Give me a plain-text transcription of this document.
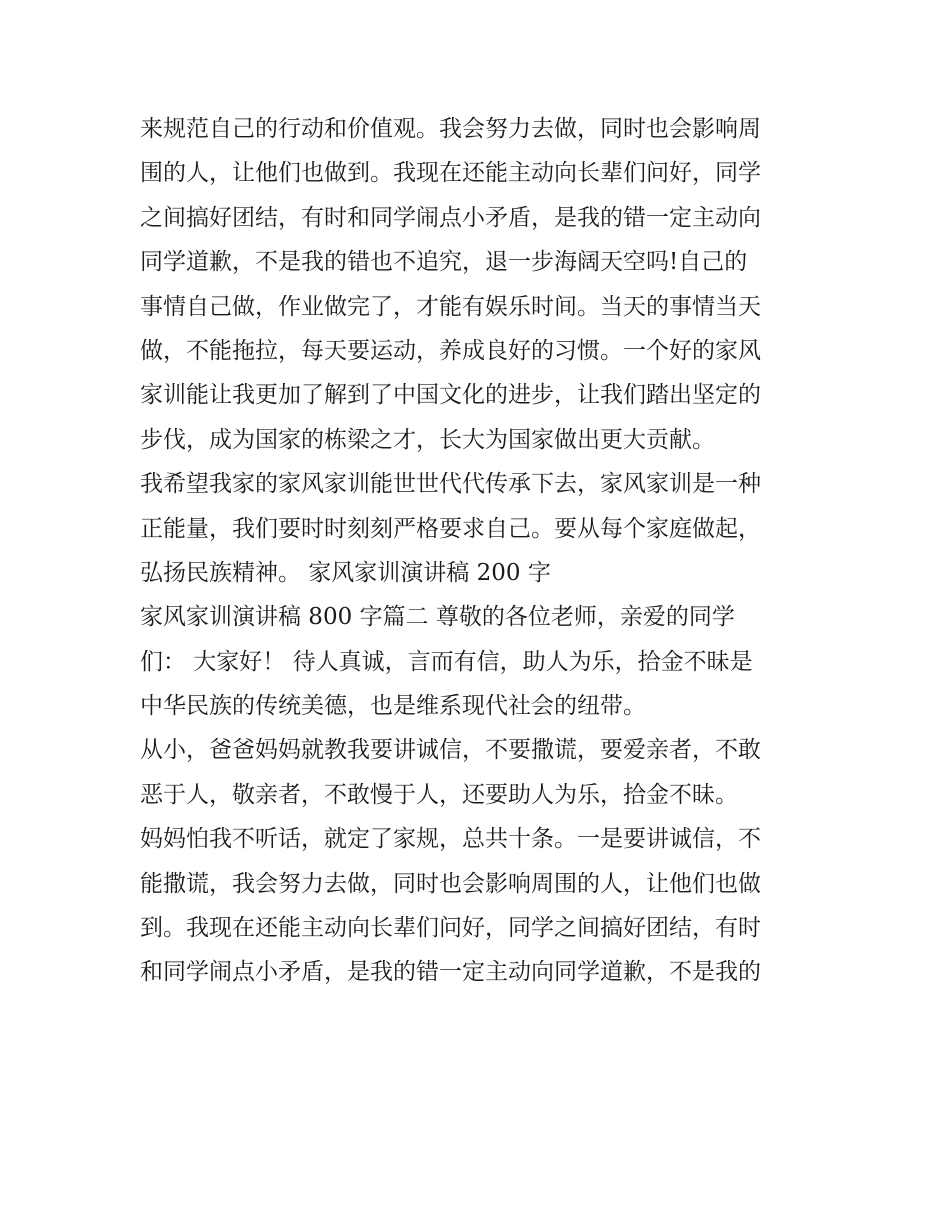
来规范自己的行动和价值观。我会努力去做，同时也会影响周
围的人，让他们也做到。我现在还能主动向长辈们问好，同学
之间搞好团结，有时和同学闹点小矛盾，是我的错一定主动向
同学道歉，不是我的错也不追究，退一步海阔天空吗!自己的
事情自己做，作业做完了，才能有娱乐时间。当天的事情当天
做，不能拖拉，每天要运动，养成良好的习惯。一个好的家风
家训能让我更加了解到了中国文化的进步，让我们踏出坚定的
步伐，成为国家的栋梁之才，长大为国家做出更大贡献。
我希望我家的家风家训能世世代代传承下去，家风家训是一种
正能量，我们要时时刻刻严格要求自己。要从每个家庭做起，
弘扬民族精神。 家风家训演讲稿 200 字
家风家训演讲稿 800 字篇二 尊敬的各位老师，亲爱的同学
们： 大家好！ 待人真诚，言而有信，助人为乐，拾金不昧是
中华民族的传统美德，也是维系现代社会的纽带。
从小，爸爸妈妈就教我要讲诚信，不要撒谎，要爱亲者，不敢
恶于人，敬亲者，不敢慢于人，还要助人为乐，拾金不昧。
妈妈怕我不听话，就定了家规，总共十条。一是要讲诚信，不
能撒谎，我会努力去做，同时也会影响周围的人，让他们也做
到。我现在还能主动向长辈们问好，同学之间搞好团结，有时
和同学闹点小矛盾，是我的错一定主动向同学道歉，不是我的
